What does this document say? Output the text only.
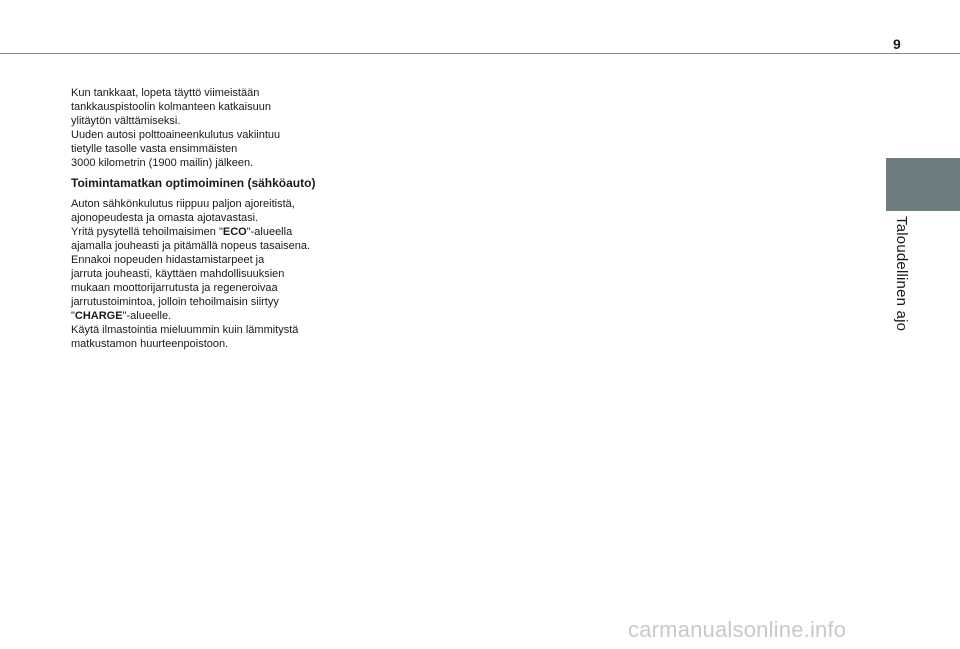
9
Taloudellinen ajo

Kun tankkaat, lopeta täyttö viimeistään
tankkauspistoolin kolmanteen katkaisuun
ylitäytön välttämiseksi.
Uuden autosi polttoaineenkulutus vakiintuu
tietylle tasolle vasta ensimmäisten
3000 kilometrin (1900 mailin) jälkeen.

Toimintamatkan optimoiminen (sähköauto)

Auton sähkönkulutus riippuu paljon ajoreitistä,
ajonopeudesta ja omasta ajotavastasi.
Yritä pysytellä tehoilmaisimen "ECO"-alueella
ajamalla jouheasti ja pitämällä nopeus tasaisena.
Ennakoi nopeuden hidastamistarpeet ja
jarruta jouheasti, käyttäen mahdollisuuksien
mukaan moottorijarrutusta ja regeneroivaa
jarrutustoimintoa, jolloin tehoilmaisin siirtyy
"CHARGE"-alueelle.
Käytä ilmastointia mieluummin kuin lämmitystä
matkustamon huurteenpoistoon.

carmanualsonline.info
